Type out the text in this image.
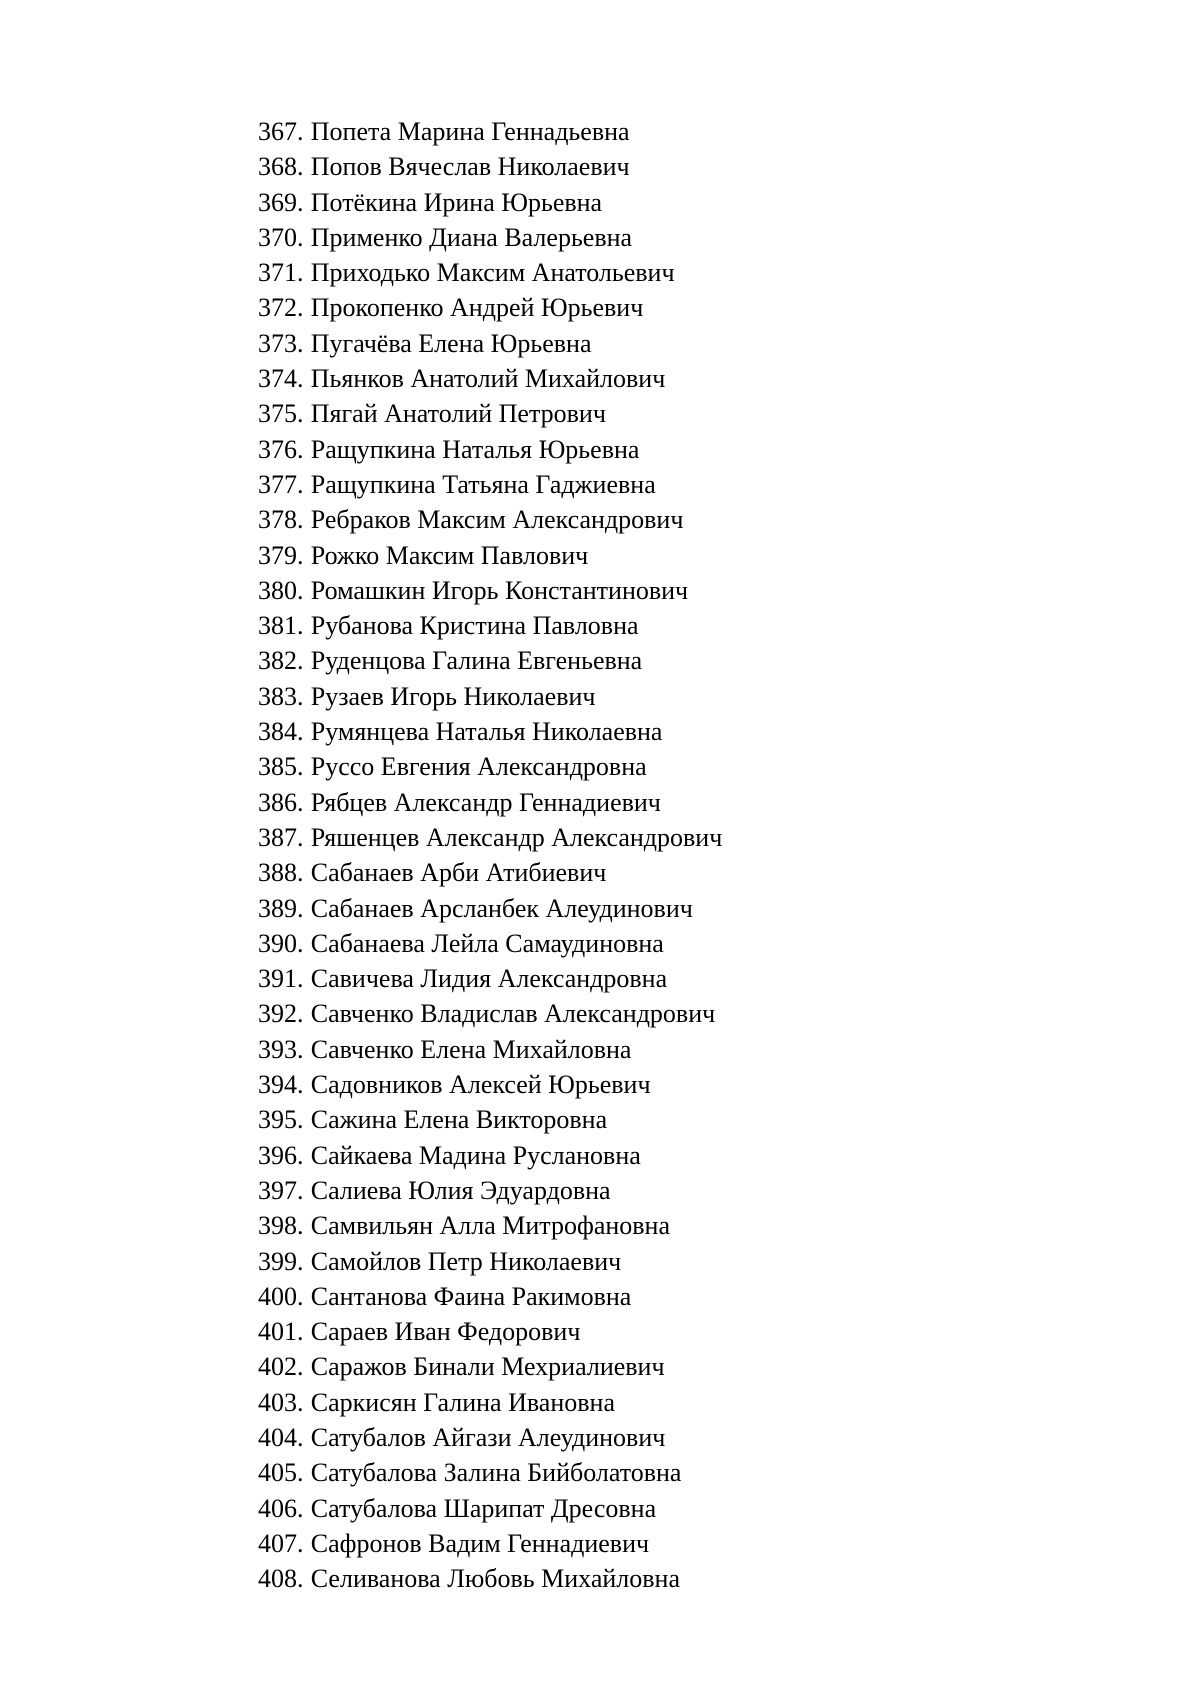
367. Попета Марина Геннадьевна
368. Попов Вячеслав Николаевич
369. Потёкина Ирина Юрьевна
370. Применко Диана Валерьевна
371. Приходько Максим Анатольевич
372. Прокопенко Андрей Юрьевич
373. Пугачёва Елена Юрьевна
374. Пьянков Анатолий Михайлович
375. Пягай Анатолий Петрович
376. Ращупкина Наталья Юрьевна
377. Ращупкина Татьяна Гаджиевна
378. Ребраков Максим Александрович
379. Рожко Максим Павлович
380. Ромашкин Игорь Константинович
381. Рубанова Кристина Павловна
382. Руденцова Галина Евгеньевна
383. Рузаев Игорь Николаевич
384. Румянцева Наталья Николаевна
385. Руссо Евгения Александровна
386. Рябцев Александр Геннадиевич
387. Ряшенцев Александр Александрович
388. Сабанаев Арби Атибиевич
389. Сабанаев Арсланбек Алеудинович
390. Сабанаева Лейла Самаудиновна
391. Савичева Лидия Александровна
392. Савченко Владислав Александрович
393. Савченко Елена Михайловна
394. Садовников Алексей Юрьевич
395. Сажина Елена Викторовна
396. Сайкаева Мадина Руслановна
397. Салиева Юлия Эдуардовна
398. Самвильян Алла Митрофановна
399. Самойлов Петр Николаевич
400. Сантанова Фаина Ракимовна
401. Сараев Иван Федорович
402. Саражов Бинали Мехриалиевич
403. Саркисян Галина Ивановна
404. Сатубалов Айгази Алеудинович
405. Сатубалова Залина Бийболатовна
406. Сатубалова Шарипат Дресовна
407. Сафронов Вадим Геннадиевич
408. Селиванова Любовь Михайловна
